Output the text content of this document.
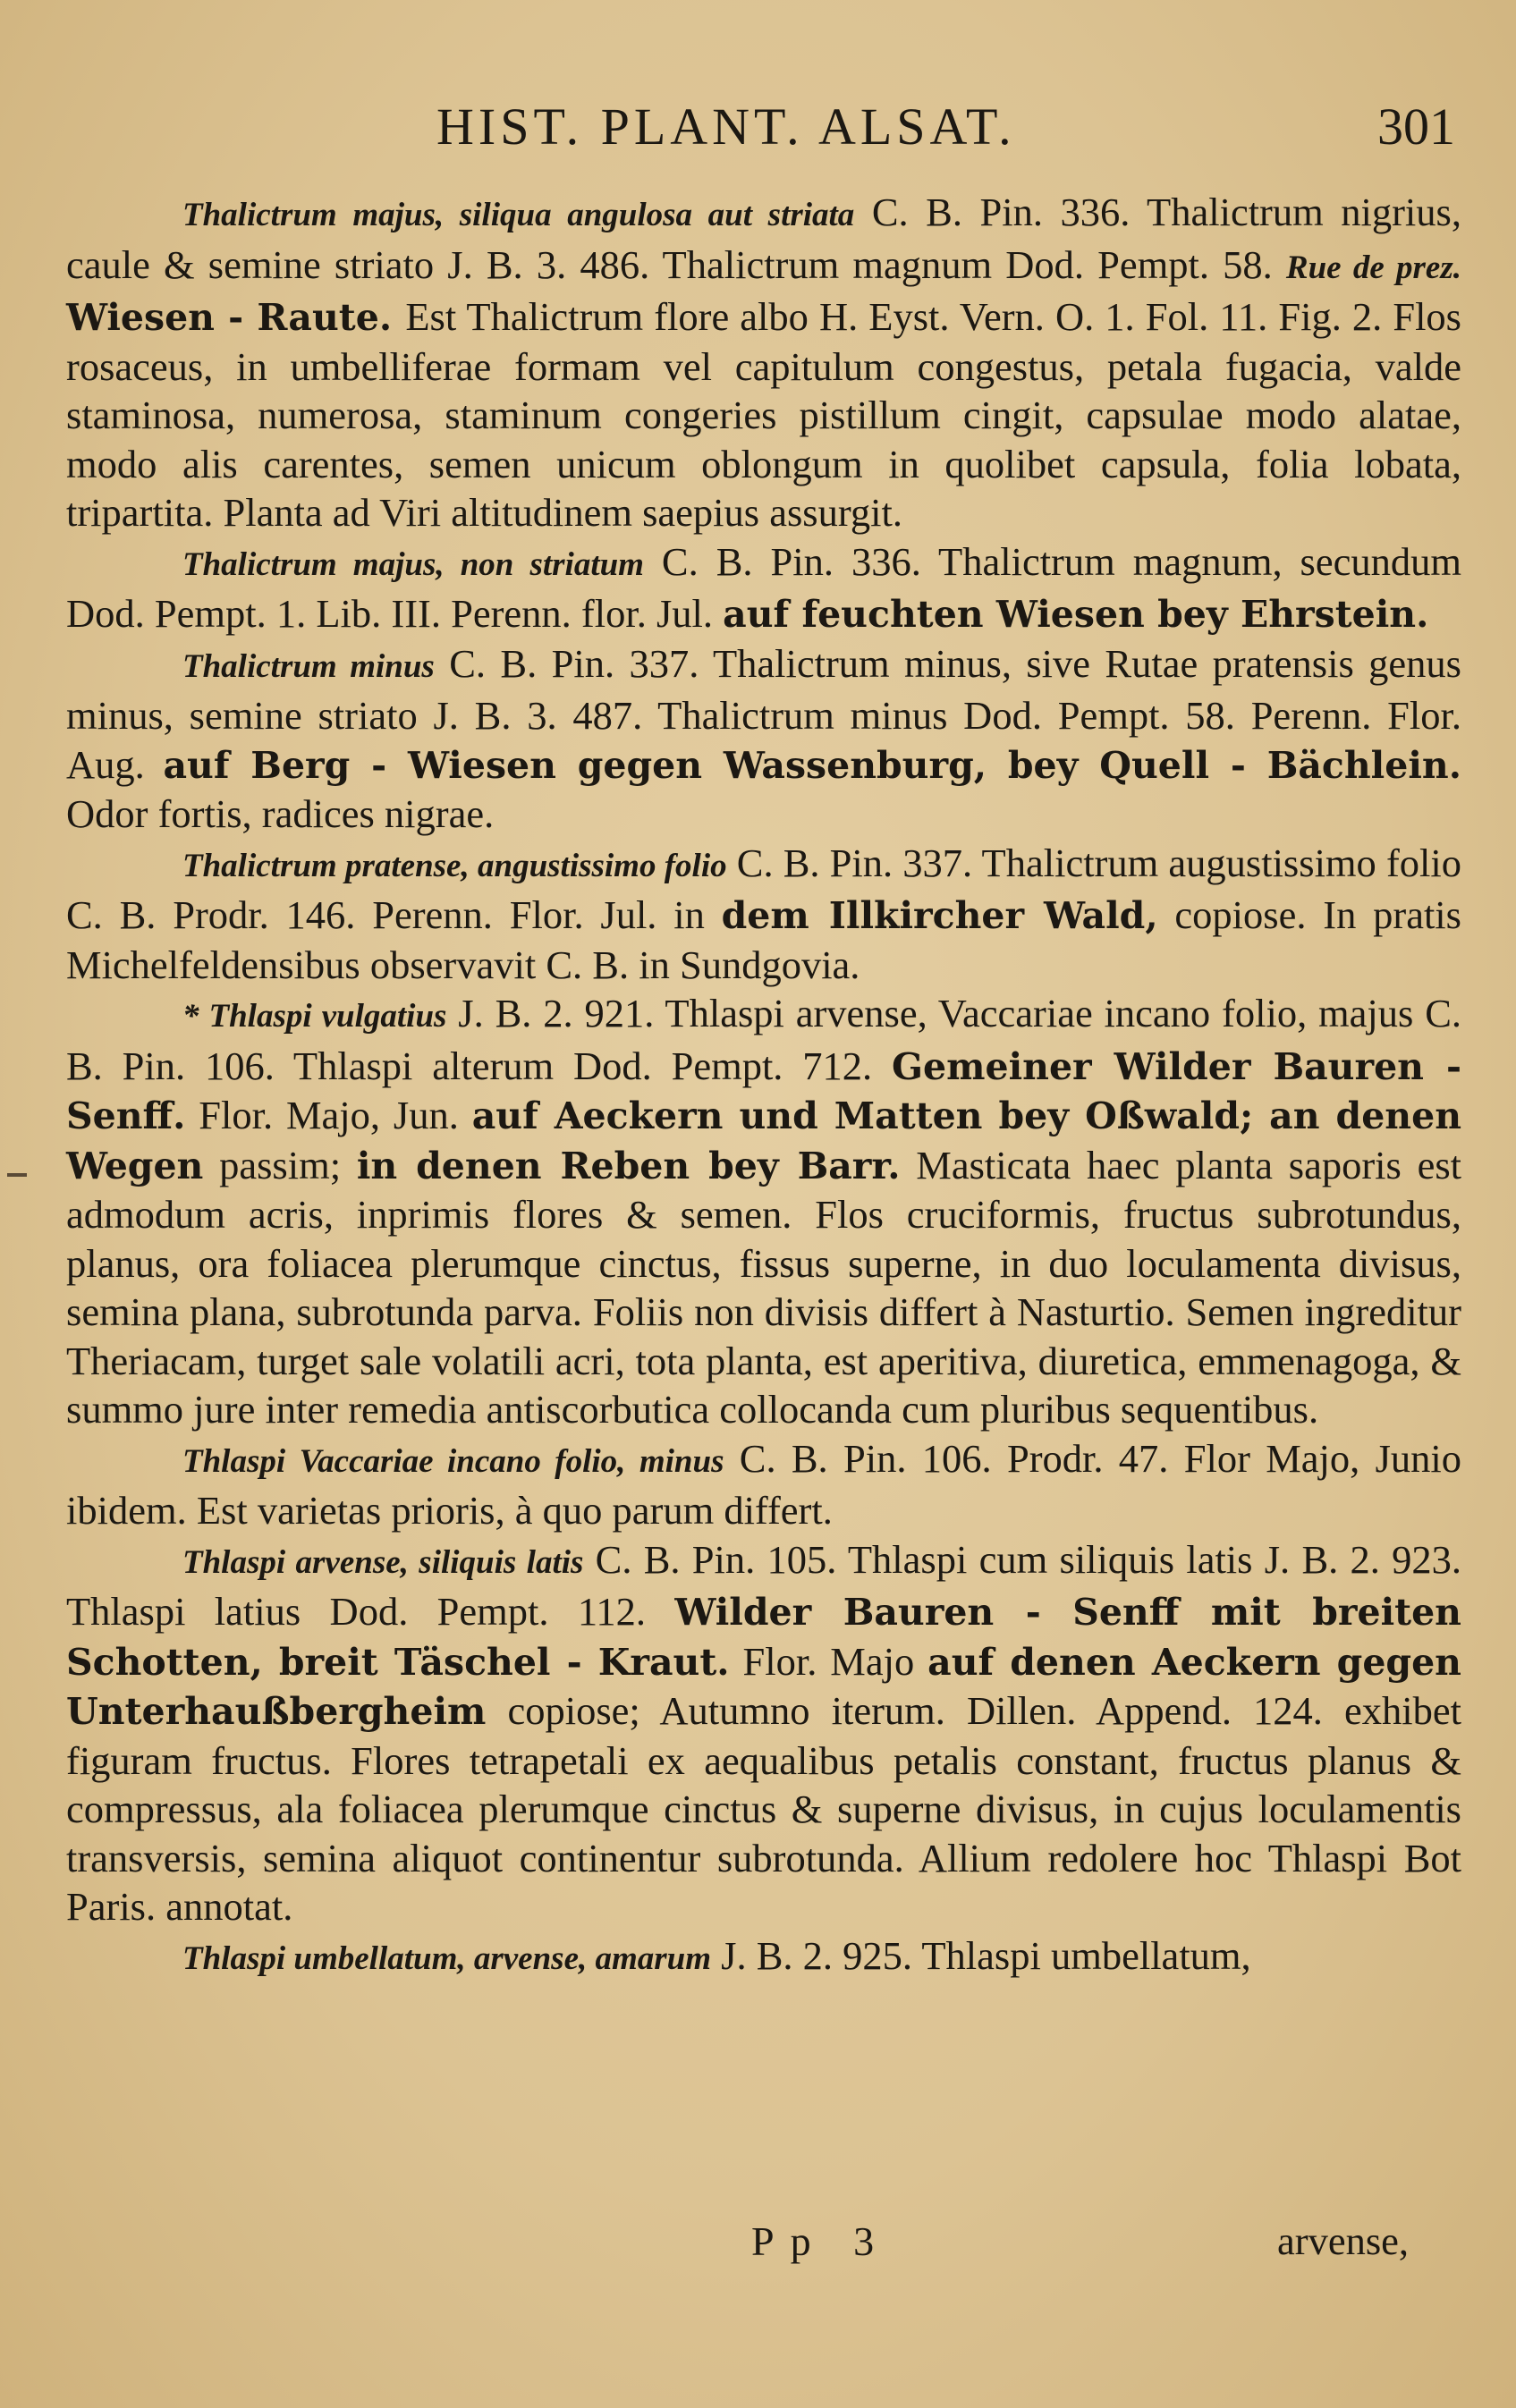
HIST. PLANT. ALSAT.	301

Thalictrum majus, siliqua angulosa aut striata C. B. Pin. 336. Thalictrum nigrius, caule & semine striato J. B. 3. 486. Thalictrum magnum Dod. Pempt. 58. Rue de prez. Wiesen - Raute. Est Thalictrum flore albo H. Eyst. Vern. O. 1. Fol. 11. Fig. 2. Flos rosaceus, in umbelliferae formam vel capitulum congestus, petala fugacia, valde staminosa, numerosa, staminum congeries pistillum cingit, capsulae modo alatae, modo alis carentes, semen unicum oblongum in quolibet capsula, folia lobata, tripartita. Planta ad Viri altitudinem saepius assurgit.

Thalictrum majus, non striatum C. B. Pin. 336. Thalictrum magnum, secundum Dod. Pempt. 1. Lib. III. Perenn. flor. Jul. auf feuchten Wiesen bey Ehrstein.

Thalictrum minus C. B. Pin. 337. Thalictrum minus, sive Rutae pratensis genus minus, semine striato J. B. 3. 487. Thalictrum minus Dod. Pempt. 58. Perenn. Flor. Aug. auf Berg - Wiesen gegen Wassenburg, bey Quell - Bächlein. Odor fortis, radices nigrae.

Thalictrum pratense, angustissimo folio C. B. Pin. 337. Thalictrum augustissimo folio C. B. Prodr. 146. Perenn. Flor. Jul. in dem Illkircher Wald, copiose. In pratis Michelfeldensibus observavit C. B. in Sundgovia.

* Thlaspi vulgatius J. B. 2. 921. Thlaspi arvense, Vaccariae incano folio, majus C. B. Pin. 106. Thlaspi alterum Dod. Pempt. 712. Gemeiner Wilder Bauren - Senff. Flor. Majo, Jun. auf Aeckern und Matten bey Oßwald; an denen Wegen passim; in denen Reben bey Barr. Masticata haec planta saporis est admodum acris, inprimis flores & semen. Flos cruciformis, fructus subrotundus, planus, ora foliacea plerumque cinctus, fissus superne, in duo loculamenta divisus, semina plana, subrotunda parva. Foliis non divisis differt à Nasturtio. Semen ingreditur Theriacam, turget sale volatili acri, tota planta, est aperitiva, diuretica, emmenagoga, & summo jure inter remedia antiscorbutica collocanda cum pluribus sequentibus.

Thlaspi Vaccariae incano folio, minus C. B. Pin. 106. Prodr. 47. Flor Majo, Junio ibidem. Est varietas prioris, à quo parum differt.

Thlaspi arvense, siliquis latis C. B. Pin. 105. Thlaspi cum siliquis latis J. B. 2. 923. Thlaspi latius Dod. Pempt. 112. Wilder Bauren - Senff mit breiten Schotten, breit Täschel - Kraut. Flor. Majo auf denen Aeckern gegen Unterhaußbergheim copiose; Autumno iterum. Dillen. Append. 124. exhibet figuram fructus. Flores tetrapetali ex aequalibus petalis constant, fructus planus & compressus, ala foliacea plerumque cinctus & superne divisus, in cujus loculamentis transversis, semina aliquot continentur subrotunda. Allium redolere hoc Thlaspi Bot Paris. annotat.

Thlaspi umbellatum, arvense, amarum J. B. 2. 925. Thlaspi umbellatum,

Pp 3	arvense,
